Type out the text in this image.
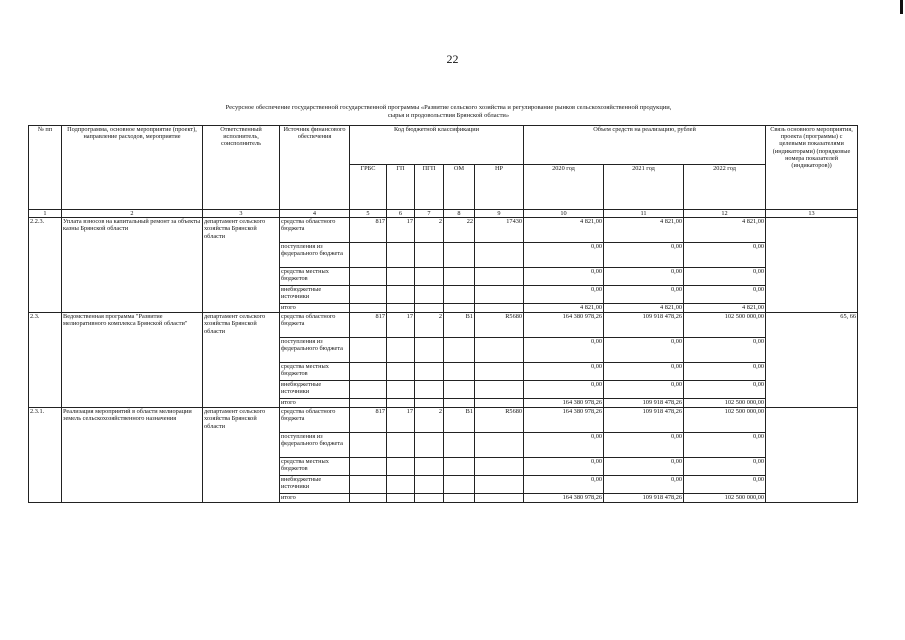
22
Ресурсное обеспечение государственной государственной программы «Развитие сельского хозяйства и регулирование рынков сельскохозяйственной продукции,
сырья и продовольствия Брянской области»
№ пп	Подпрограмма, основное мероприятие (проект), направление расходов, мероприятие	Ответственный исполнитель, соисполнитель	Источник финансового обеспечения	Код бюджетной классификации					Объем средств на реализацию, рублей			Связь основного мероприятия, проекта (программы) с целевыми показателями (индикаторами) (порядковые номера показателей (индикаторов))
				ГРБС	ГП	ПГП	ОМ	НР	2020 год	2021 год	2022 год	
1	2	3	4	5	6	7	8	9	10	11	12	13
2.2.3.	Уплата взносов на капитальный ремонт за объекты казны Брянской области	департамент сельского хозяйства Брянской области	средства областного бюджета	817	17	2	22	17430	4 821,00	4 821,00	4 821,00	
			поступления из федерального бюджета						0,00	0,00	0,00	
			средства местных бюджетов						0,00	0,00	0,00	
			внебюджетные источники						0,00	0,00	0,00	
			итого						4 821,00	4 821,00	4 821,00	
2.3.	Ведомственная программа "Развитие мелиоративного комплекса Брянской области"	департамент сельского хозяйства Брянской области	средства областного бюджета	817	17	2	В1	R5680	164 380 978,26	109 918 478,26	102 500 000,00	65, 66
			поступления из федерального бюджета						0,00	0,00	0,00	
			средства местных бюджетов						0,00	0,00	0,00	
			внебюджетные источники						0,00	0,00	0,00	
			итого						164 380 978,26	109 918 478,26	102 500 000,00	
2.3.1.	Реализация мероприятий в области мелиорации земель сельскохозяйственного назначения	департамент сельского хозяйства Брянской области	средства областного бюджета	817	17	2	В1	R5680	164 380 978,26	109 918 478,26	102 500 000,00	
			поступления из федерального бюджета						0,00	0,00	0,00	
			средства местных бюджетов						0,00	0,00	0,00	
			внебюджетные источники						0,00	0,00	0,00	
			итого						164 380 978,26	109 918 478,26	102 500 000,00	
